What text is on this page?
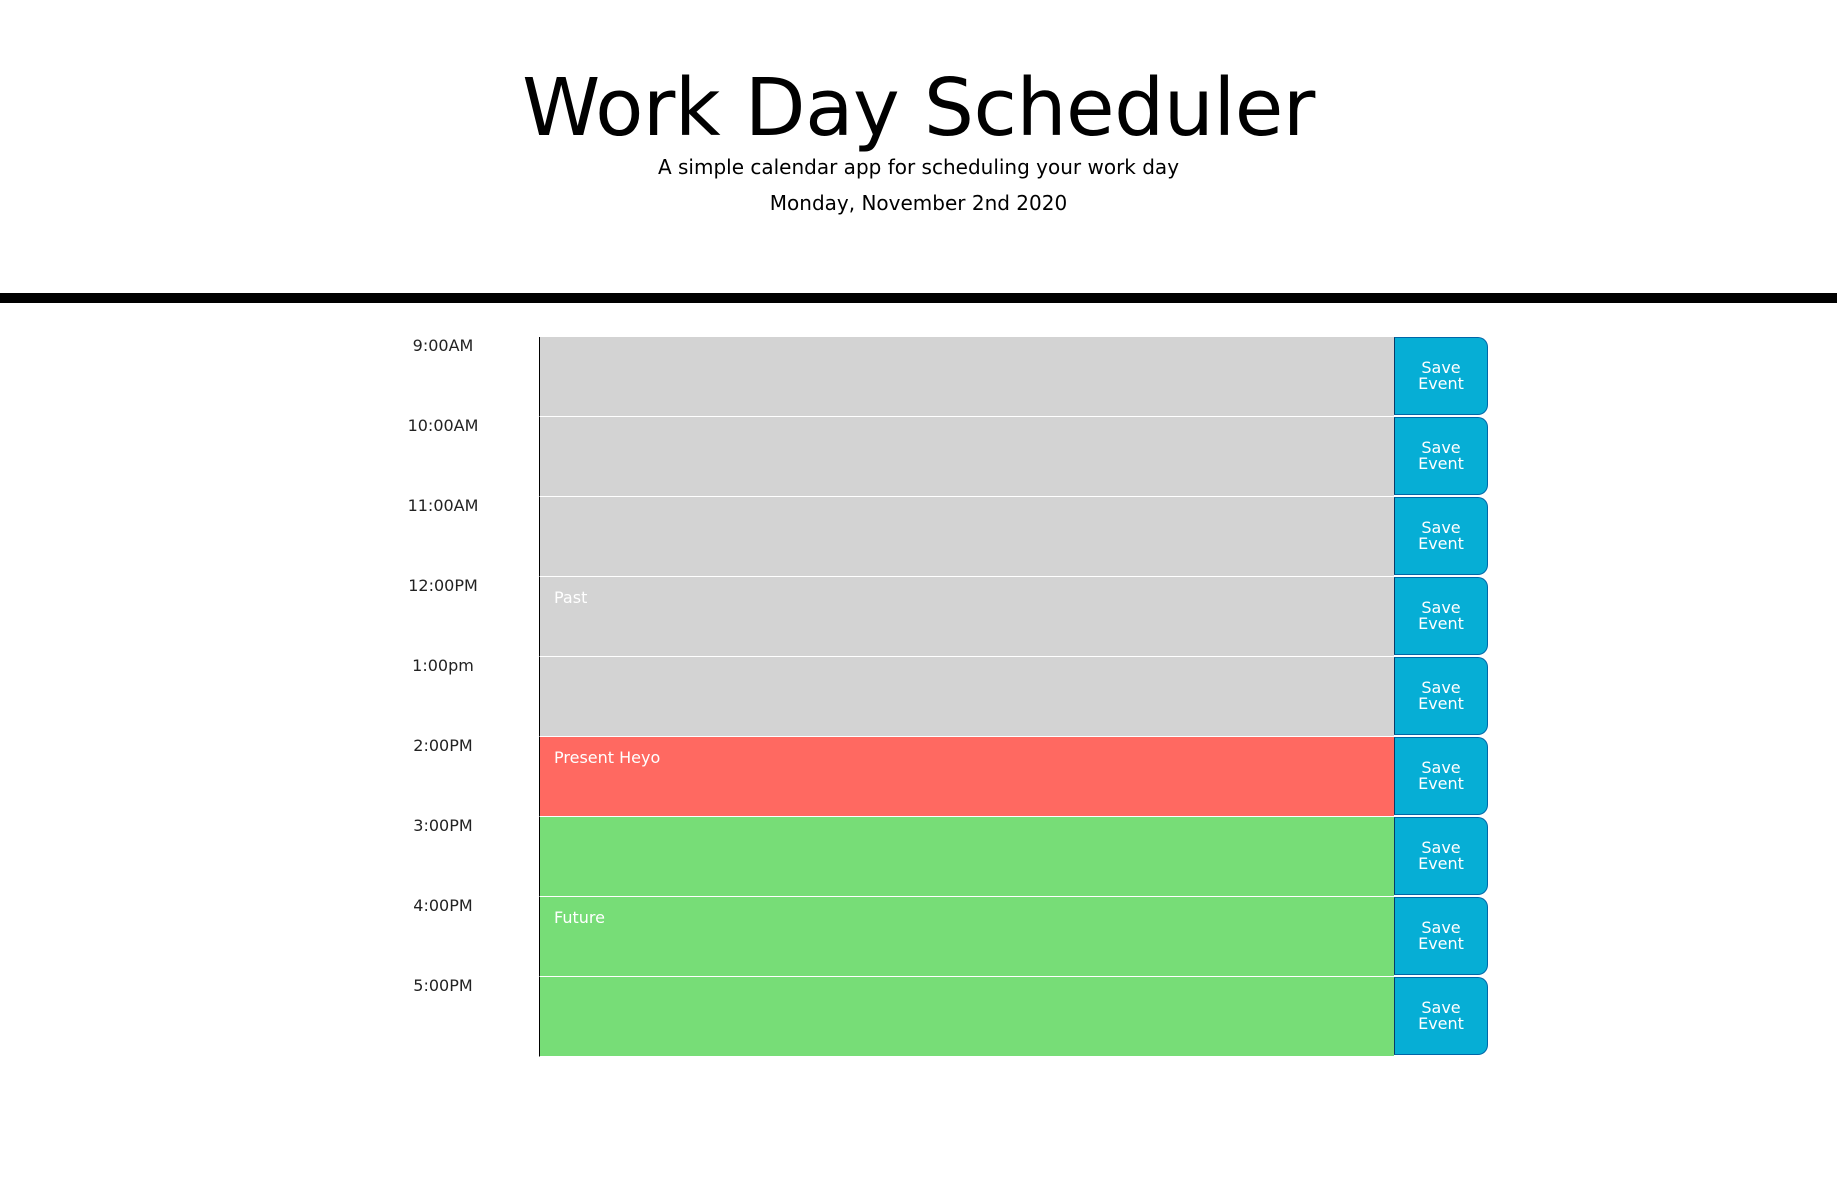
Work Day Scheduler

A simple calendar app for scheduling your work day

Monday, November 2nd 2020

9:00AM
Save
Event
10:00AM
Save
Event
11:00AM
Save
Event
12:00PM
Past
Save
Event
1:00pm
Save
Event
2:00PM
Present Heyo
Save
Event
3:00PM
Save
Event
4:00PM
Future
Save
Event
5:00PM
Save
Event
